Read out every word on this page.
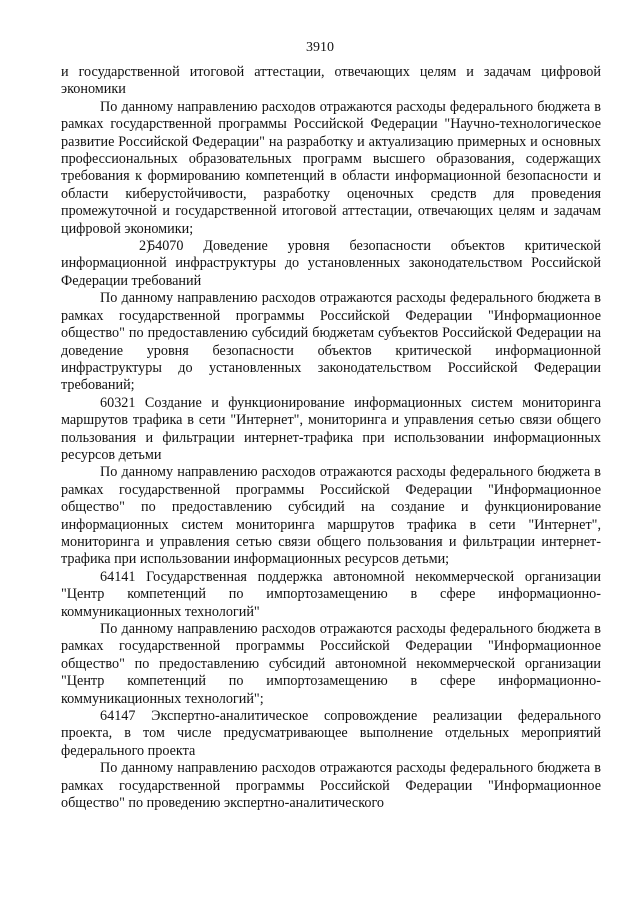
3910

и государственной итоговой аттестации, отвечающих целям и задачам цифровой экономики

По данному направлению расходов отражаются расходы федерального бюджета в рамках государственной программы Российской Федерации "Научно-технологическое развитие Российской Федерации" на разработку и актуализацию примерных и основных профессиональных образовательных программ высшего образования, содержащих требования к формированию компетенций в области информационной безопасности и области киберустойчивости, разработку оценочных средств для проведения промежуточной и государственной итоговой аттестации, отвечающих целям и задачам цифровой экономики;

2)54070 Доведение уровня безопасности объектов критической информационной инфраструктуры до установленных законодательством Российской Федерации требований

По данному направлению расходов отражаются расходы федерального бюджета в рамках государственной программы Российской Федерации "Информационное общество" по предоставлению субсидий бюджетам субъектов Российской Федерации на доведение уровня безопасности объектов критической информационной инфраструктуры до установленных законодательством Российской Федерации требований;

60321 Создание и функционирование информационных систем мониторинга маршрутов трафика в сети "Интернет", мониторинга и управления сетью связи общего пользования и фильтрации интернет-трафика при использовании информационных ресурсов детьми

По данному направлению расходов отражаются расходы федерального бюджета в рамках государственной программы Российской Федерации "Информационное общество" по предоставлению субсидий на создание и функционирование информационных систем мониторинга маршрутов трафика в сети "Интернет", мониторинга и управления сетью связи общего пользования и фильтрации интернет-трафика при использовании информационных ресурсов детьми;

64141 Государственная поддержка автономной некоммерческой организации "Центр компетенций по импортозамещению в сфере информационно-коммуникационных технологий"

По данному направлению расходов отражаются расходы федерального бюджета в рамках государственной программы Российской Федерации "Информационное общество" по предоставлению субсидий автономной некоммерческой организации "Центр компетенций по импортозамещению в сфере информационно-коммуникационных технологий";

64147 Экспертно-аналитическое сопровождение реализации федерального проекта, в том числе предусматривающее выполнение отдельных мероприятий федерального проекта

По данному направлению расходов отражаются расходы федерального бюджета в рамках государственной программы Российской Федерации "Информационное общество" по проведению экспертно-аналитического
